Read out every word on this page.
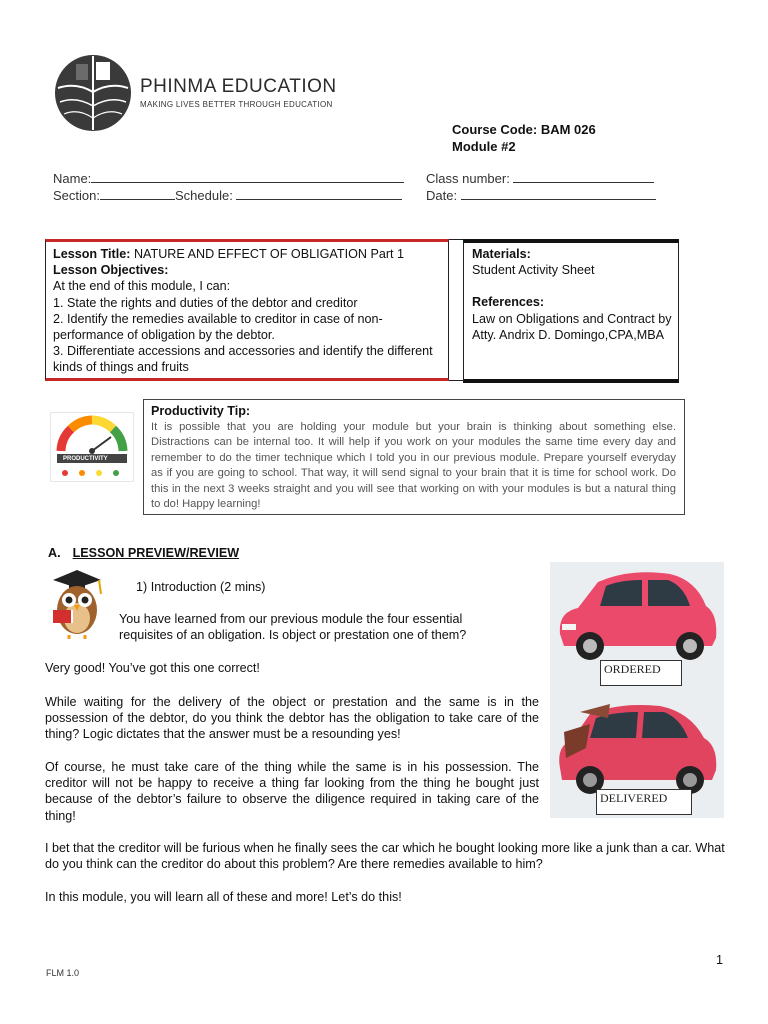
PHINMA EDUCATION
MAKING LIVES BETTER THROUGH EDUCATION
Course Code: BAM 026
Module #2
Name:
Section:	Schedule:
Class number:
Date:
Lesson Title: NATURE AND EFFECT OF OBLIGATION Part 1
Lesson Objectives:
At the end of this module, I can:
1. State the rights and duties of the debtor and creditor
2. Identify the remedies available to creditor in case of non-performance of obligation by the debtor.
3. Differentiate accessions and accessories and identify the different kinds of things and fruits
Materials:
Student Activity Sheet
References:
Law on Obligations and Contract by Atty. Andrix D. Domingo,CPA,MBA
PRODUCTIVITY
Productivity Tip:
It is possible that you are holding your module but your brain is thinking about something else. Distractions can be internal too. It will help if you work on your modules the same time every day and remember to do the timer technique which I told you in our previous module. Prepare yourself everyday as if you are going to school. That way, it will send signal to your brain that it is time for school work. Do this in the next 3 weeks straight and you will see that working on with your modules is but a natural thing to do! Happy learning!
A. LESSON PREVIEW/REVIEW
1) Introduction (2 mins)
You have learned from our previous module the four essential requisites of an obligation. Is object or prestation one of them?
Very good! You’ve got this one correct!
While waiting for the delivery of the object or prestation and the same is in the possession of the debtor, do you think the debtor has the obligation to take care of the thing? Logic dictates that the answer must be a resounding yes!
Of course, he must take care of the thing while the same is in his possession. The creditor will not be happy to receive a thing far looking from the thing he bought just because of the debtor’s failure to observe the diligence required in taking care of the thing!
I bet that the creditor will be furious when he finally sees the car which he bought looking more like a junk than a car. What do you think can the creditor do about this problem? Are there remedies available to him?
In this module, you will learn all of these and more! Let’s do this!
ORDERED
DELIVERED
1
FLM 1.0
